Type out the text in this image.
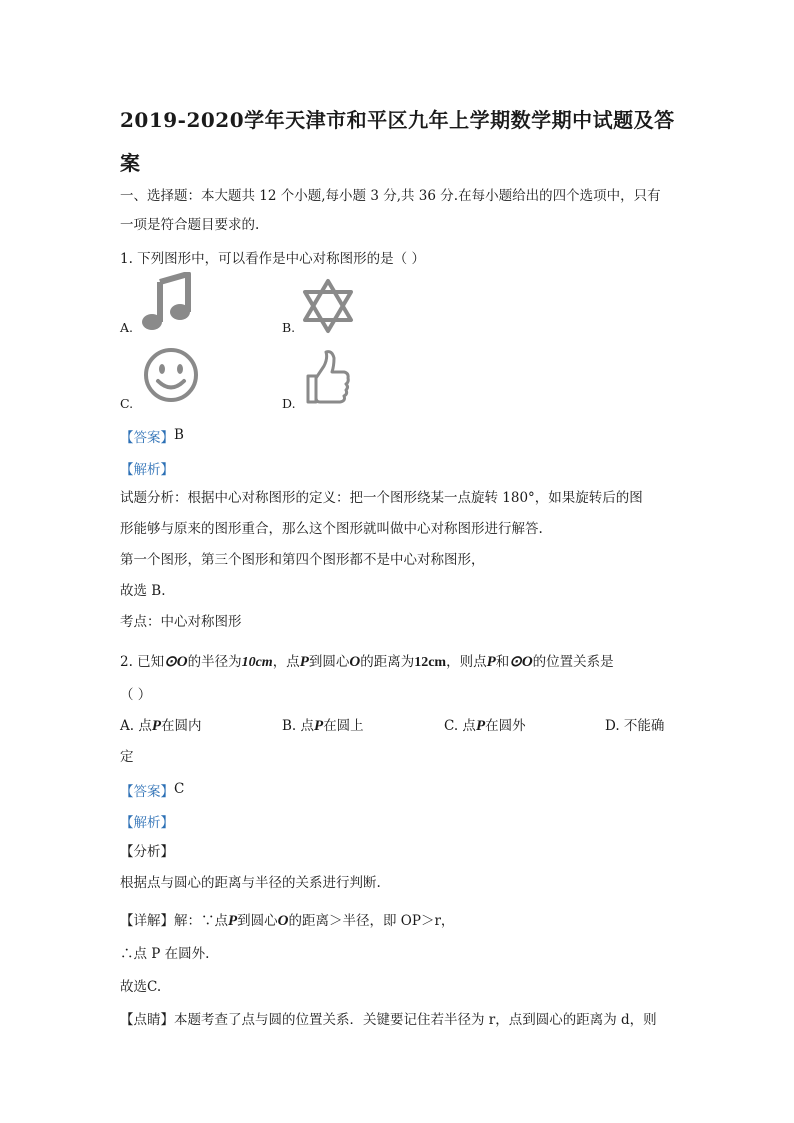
2019-2020学年天津市和平区九年上学期数学期中试题及答
案
一、选择题：本大题共 12 个小题,每小题 3 分,共 36 分.在每小题给出的四个选项中，只有
一项是符合题目要求的.
1. 下列图形中，可以看作是中心对称图形的是（ ）
A.	B.
C.	D.
【答案】 B
【解析】
试题分析：根据中心对称图形的定义：把一个图形绕某一点旋转 180°，如果旋转后的图
形能够与原来的图形重合，那么这个图形就叫做中心对称图形进行解答.
第一个图形，第三个图形和第四个图形都不是中心对称图形，
故选 B.
考点：中心对称图形
2. 已知⊙O的半径为10cm，点P到圆心O的距离为12cm，则点P和⊙O的位置关系是
（ ）
A. 点P在圆内	B. 点P在圆上	C. 点P在圆外	D. 不能确
定
【答案】 C
【解析】
【分析】
根据点与圆心的距离与半径的关系进行判断.
【详解】解：∵点P到圆心O的距离＞半径，即 OP＞r，
∴点 P 在圆外.
故选C.
【点睛】本题考查了点与圆的位置关系．关键要记住若半径为 r，点到圆心的距离为 d，则
